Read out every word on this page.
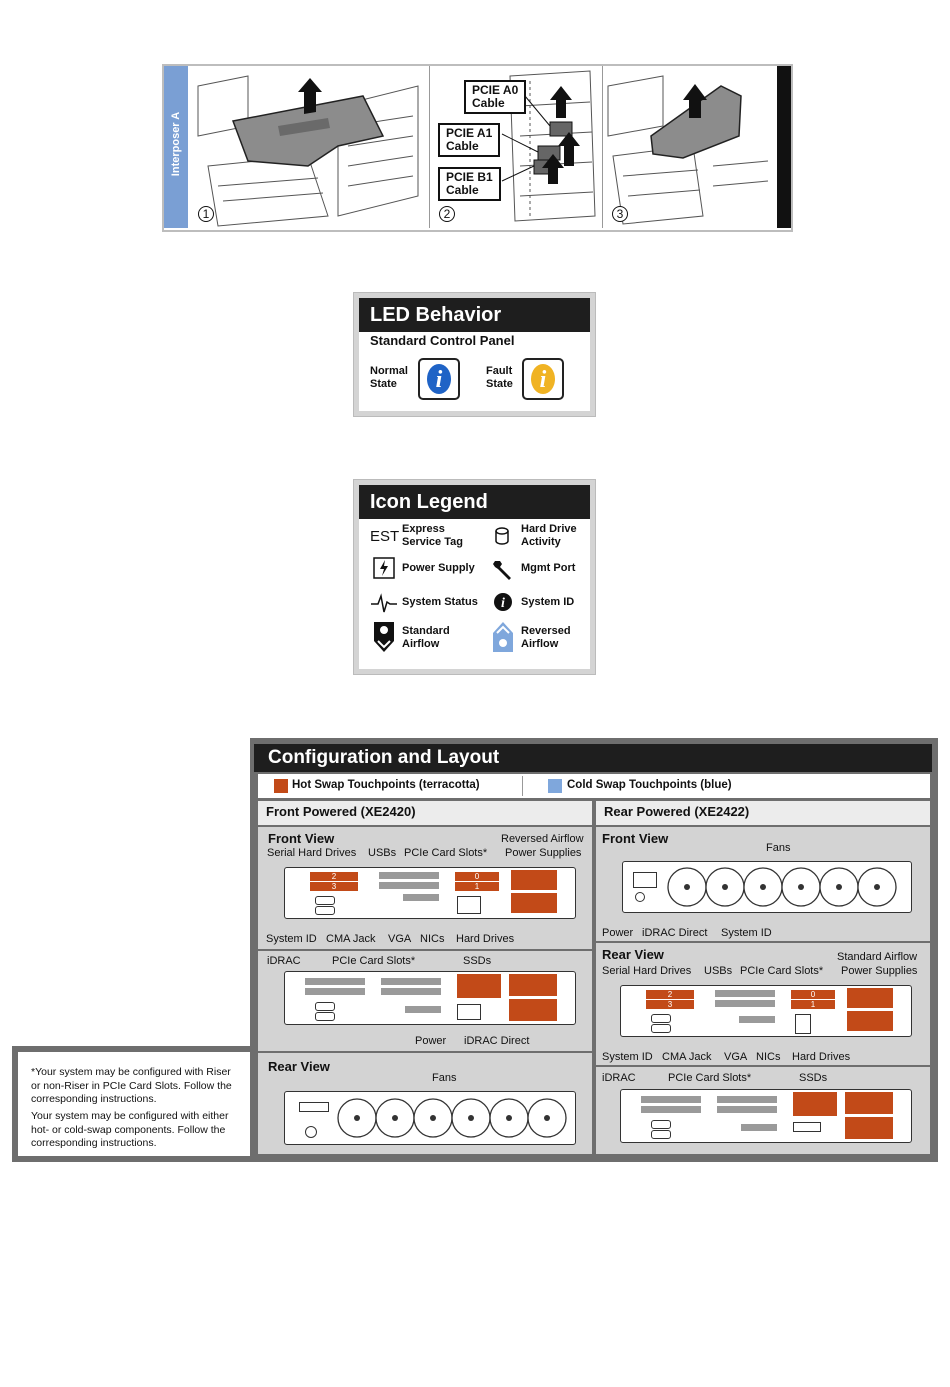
Interposer A
1
PCIE A0
Cable
PCIE A1
Cable
PCIE B1
Cable
2	3
LED Behavior
Standard Control Panel
Normal
State	i	Fault
State i
Icon Legend
EST Express
Service Tag
Hard Drive
Activity
Power Supply	Mgmt Port
System Status i System ID
Standard
Airflow
Reversed
Airflow

*Your system may be configured with Riser or non-Riser in PCIe Card Slots. Follow the corresponding instructions.

Your system may be configured with either hot- or cold-swap components. Follow the corresponding instructions.

Configuration and Layout
Hot Swap Touchpoints (terracotta)	Cold Swap Touchpoints (blue)
Front Powered (XE2420)
Front View
Serial Hard Drives USBs PCIe Card Slots*
Reversed Airflow
Power Supplies
2
3
0
1
System ID CMA Jack VGA NICs Hard Drives
iDRAC	PCIe Card Slots*	SSDs
Power iDRAC Direct
Rear View
Fans
Rear Powered (XE2422)
Front View
Fans
Power iDRAC Direct System ID
Rear View
Serial Hard Drives USBs PCIe Card Slots*
Standard Airflow
Power Supplies
2
3
0
1
System ID CMA Jack VGA NICs Hard Drives
iDRAC	PCIe Card Slots*	SSDs
